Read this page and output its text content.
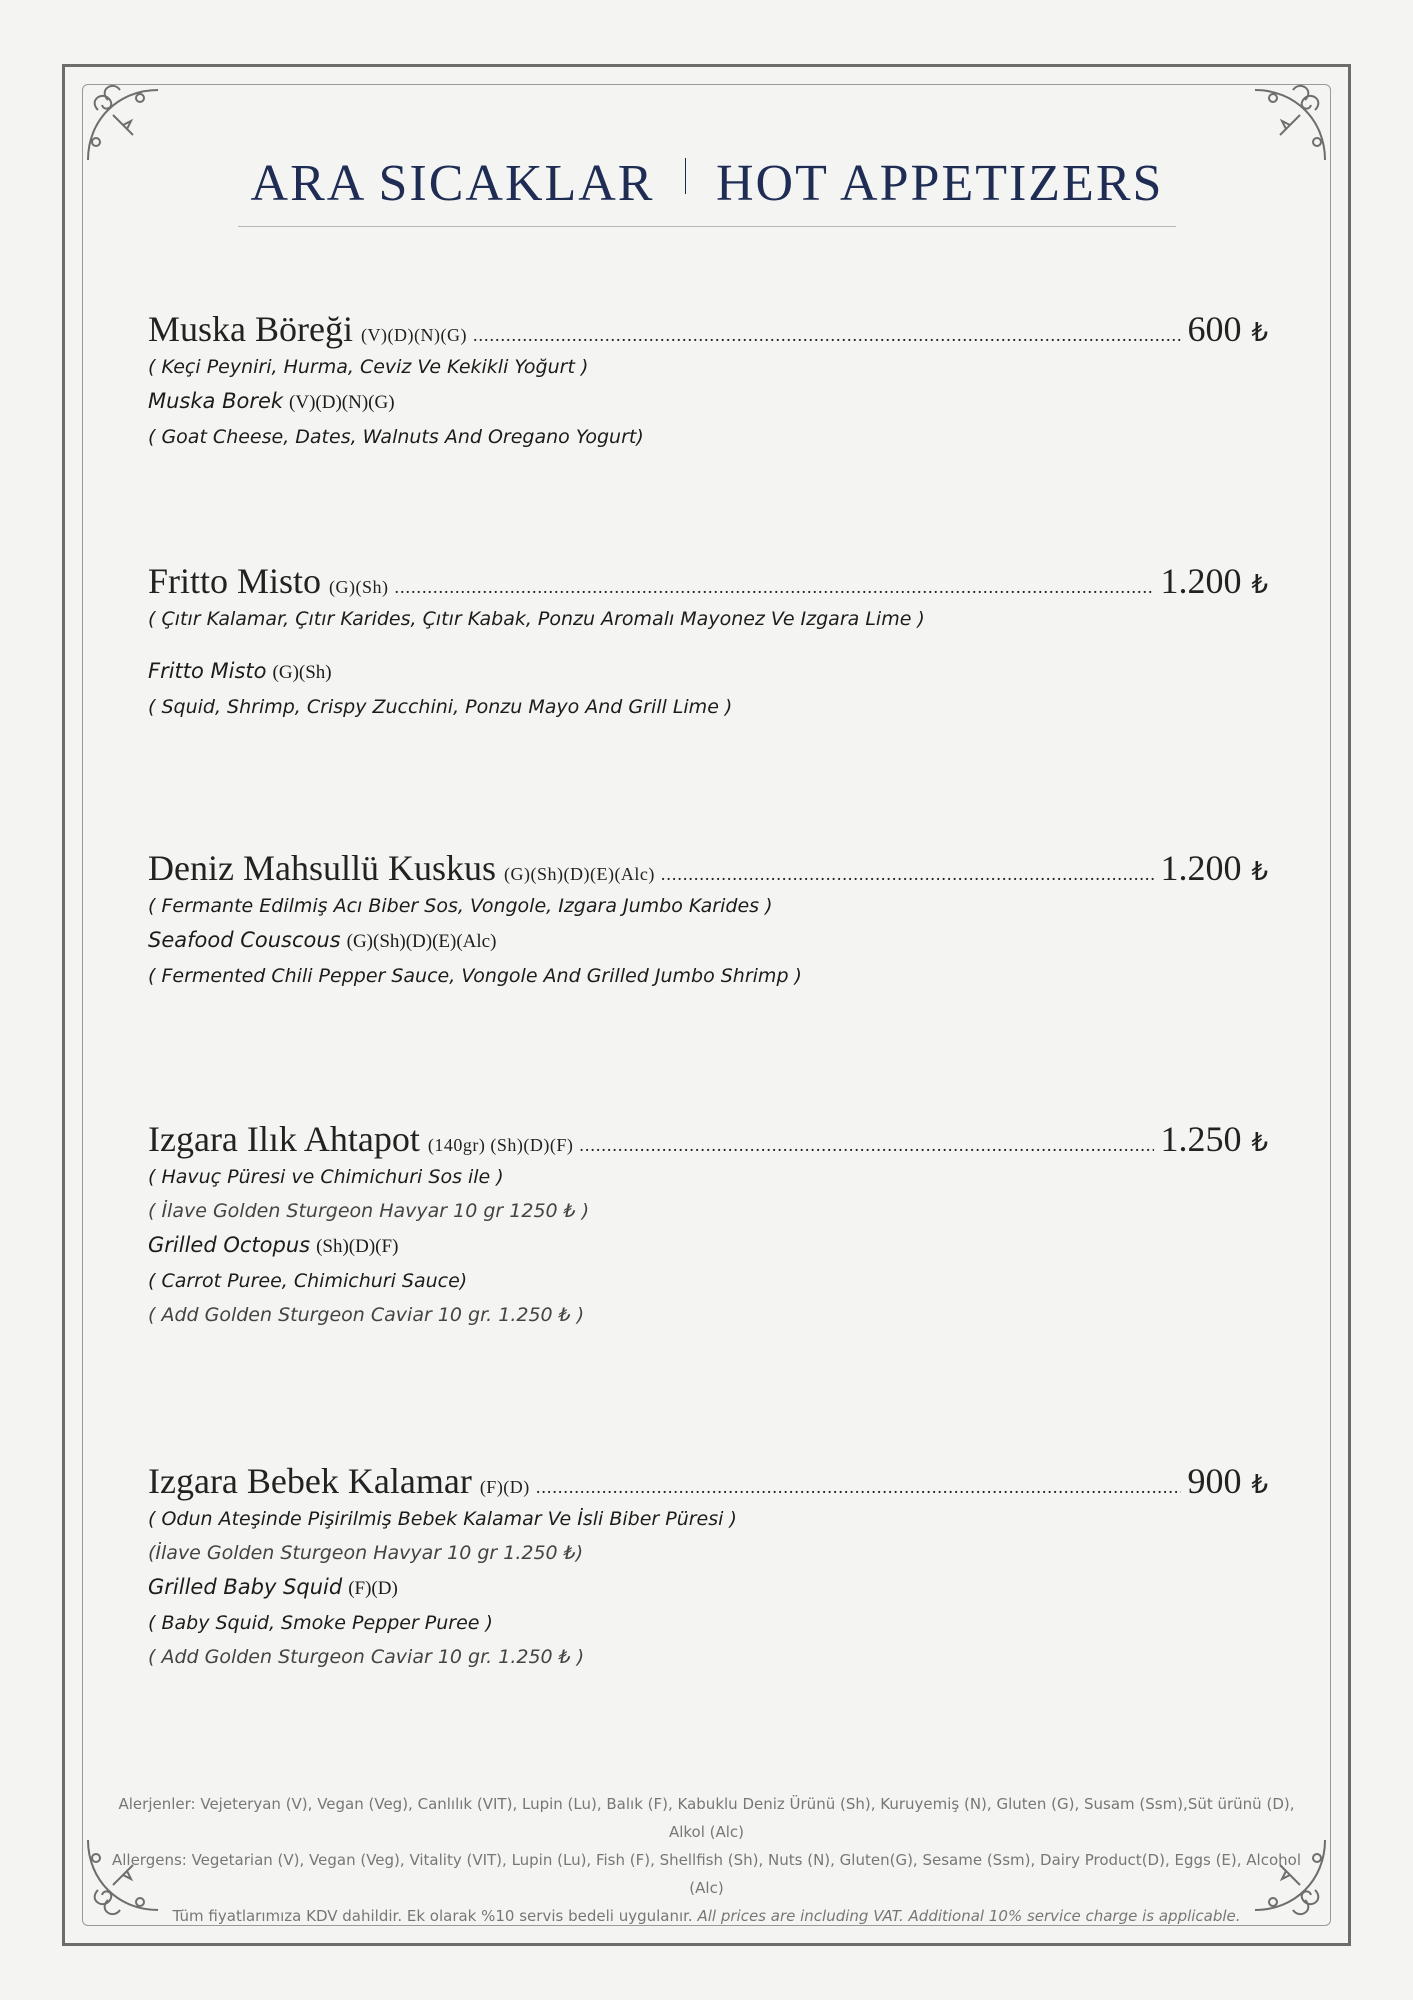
ARA SICAKLAR HOT APPETIZERS
Muska Böreği (V)(D)(N)(G) .....	600 ₺
( Keçi Peyniri, Hurma, Ceviz Ve Kekikli Yoğurt )
Muska Borek (V)(D)(N)(G)
( Goat Cheese, Dates, Walnuts And Oregano Yogurt)
Fritto Misto (G)(Sh) .....	1.200 ₺
( Çıtır Kalamar, Çıtır Karides, Çıtır Kabak, Ponzu Aromalı Mayonez Ve Izgara Lime )
Fritto Misto (G)(Sh)
( Squid, Shrimp, Crispy Zucchini, Ponzu Mayo And Grill Lime )
Deniz Mahsullü Kuskus (G)(Sh)(D)(E)(Alc) .....	1.200 ₺
( Fermante Edilmiş Acı Biber Sos, Vongole, Izgara Jumbo Karides )
Seafood Couscous (G)(Sh)(D)(E)(Alc)
( Fermented Chili Pepper Sauce, Vongole And Grilled Jumbo Shrimp )
Izgara Ilık Ahtapot (140gr) (Sh)(D)(F) .....	1.250 ₺
( Havuç Püresi ve Chimichuri Sos ile )
( İlave Golden Sturgeon Havyar 10 gr 1250 ₺ )
Grilled Octopus (Sh)(D)(F)
( Carrot Puree, Chimichuri Sauce)
( Add Golden Sturgeon Caviar 10 gr. 1.250 ₺ )
Izgara Bebek Kalamar (F)(D) .....	900 ₺
( Odun Ateşinde Pişirilmiş Bebek Kalamar Ve İsli Biber Püresi )
(İlave Golden Sturgeon Havyar 10 gr 1.250 ₺)
Grilled Baby Squid (F)(D)
( Baby Squid, Smoke Pepper Puree )
( Add Golden Sturgeon Caviar 10 gr. 1.250 ₺ )
Alerjenler: Vejeteryan (V), Vegan (Veg), Canlılık (VIT), Lupin (Lu), Balık (F), Kabuklu Deniz Ürünü (Sh), Kuruyemiş (N), Gluten (G), Susam (Ssm),Süt ürünü (D), Alkol (Alc)
Allergens: Vegetarian (V), Vegan (Veg), Vitality (VIT), Lupin (Lu), Fish (F), Shellfish (Sh), Nuts (N), Gluten(G), Sesame (Ssm), Dairy Product(D), Eggs (E), Alcohol (Alc)
Tüm fiyatlarımıza KDV dahildir. Ek olarak %10 servis bedeli uygulanır. All prices are including VAT. Additional 10% service charge is applicable.
